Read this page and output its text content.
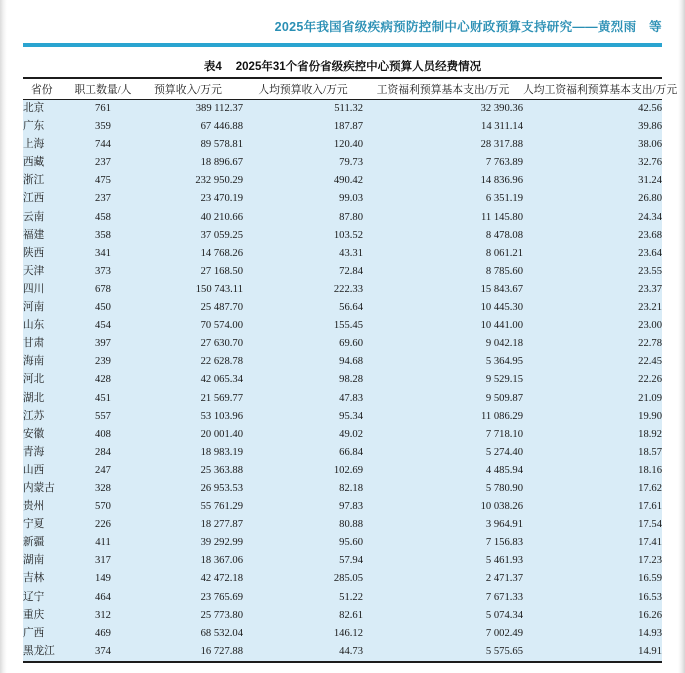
2025年我国省级疾病预防控制中心财政预算支持研究——黄烈雨　等
表4 2025年31个省份省级疾控中心预算人员经费情况
省份	职工数量/人	预算收入/万元	人均预算收入/万元	工资福利预算基本支出/万元	人均工资福利预算基本支出/万元
北京	761	389 112.37	511.32	32 390.36	42.56
广东	359	67 446.88	187.87	14 311.14	39.86
上海	744	89 578.81	120.40	28 317.88	38.06
西藏	237	18 896.67	79.73	7 763.89	32.76
浙江	475	232 950.29	490.42	14 836.96	31.24
江西	237	23 470.19	99.03	6 351.19	26.80
云南	458	40 210.66	87.80	11 145.80	24.34
福建	358	37 059.25	103.52	8 478.08	23.68
陕西	341	14 768.26	43.31	8 061.21	23.64
天津	373	27 168.50	72.84	8 785.60	23.55
四川	678	150 743.11	222.33	15 843.67	23.37
河南	450	25 487.70	56.64	10 445.30	23.21
山东	454	70 574.00	155.45	10 441.00	23.00
甘肃	397	27 630.70	69.60	9 042.18	22.78
海南	239	22 628.78	94.68	5 364.95	22.45
河北	428	42 065.34	98.28	9 529.15	22.26
湖北	451	21 569.77	47.83	9 509.87	21.09
江苏	557	53 103.96	95.34	11 086.29	19.90
安徽	408	20 001.40	49.02	7 718.10	18.92
青海	284	18 983.19	66.84	5 274.40	18.57
山西	247	25 363.88	102.69	4 485.94	18.16
内蒙古	328	26 953.53	82.18	5 780.90	17.62
贵州	570	55 761.29	97.83	10 038.26	17.61
宁夏	226	18 277.87	80.88	3 964.91	17.54
新疆	411	39 292.99	95.60	7 156.83	17.41
湖南	317	18 367.06	57.94	5 461.93	17.23
吉林	149	42 472.18	285.05	2 471.37	16.59
辽宁	464	23 765.69	51.22	7 671.33	16.53
重庆	312	25 773.80	82.61	5 074.34	16.26
广西	469	68 532.04	146.12	7 002.49	14.93
黑龙江	374	16 727.88	44.73	5 575.65	14.91
